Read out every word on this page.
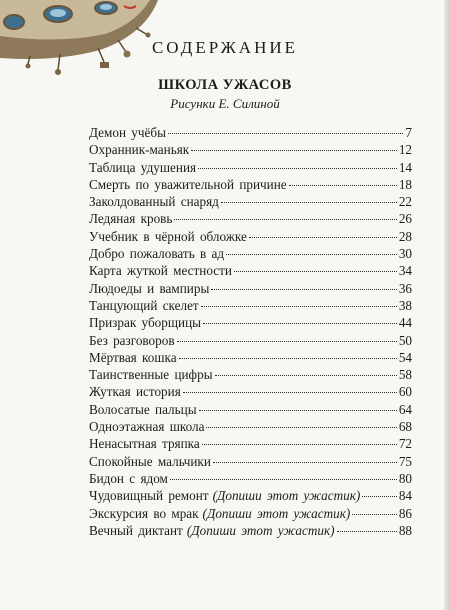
СОДЕРЖАНИЕ
ШКОЛА УЖАСОВ
Рисунки Е. Силиной
Демон учёбы	7
Охранник-маньяк	12
Таблица удушения	14
Смерть по уважительной причине	18
Заколдованный снаряд	22
Ледяная кровь	26
Учебник в чёрной обложке	28
Добро пожаловать в ад	30
Карта жуткой местности	34
Людоеды и вампиры	36
Танцующий скелет	38
Призрак уборщицы	44
Без разговоров	50
Мёртвая кошка	54
Таинственные цифры	58
Жуткая история	60
Волосатые пальцы	64
Одноэтажная школа	68
Ненасытная тряпка	72
Спокойные мальчики	75
Бидон с ядом	80
Чудовищный ремонт (Допиши этот ужастик)	84
Экскурсия во мрак (Допиши этот ужастик)	86
Вечный диктант (Допиши этот ужастик)	88
